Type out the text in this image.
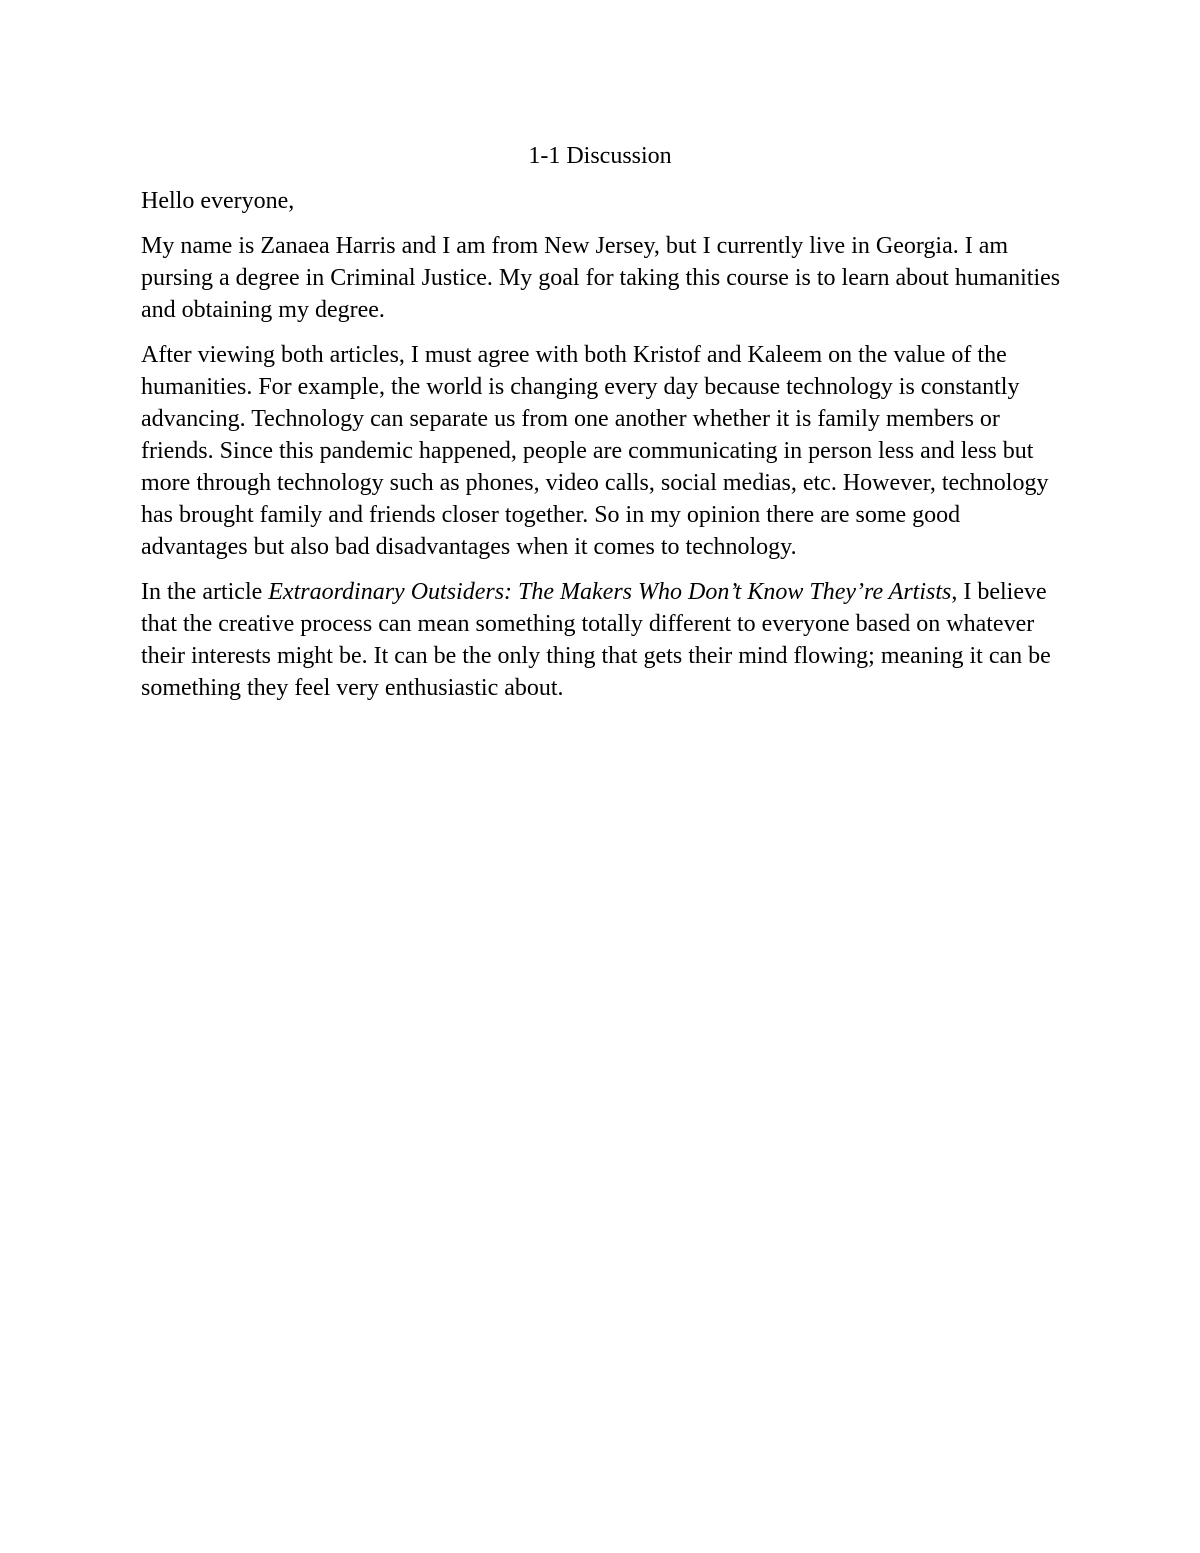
1-1 Discussion

Hello everyone,

My name is Zanaea Harris and I am from New Jersey, but I currently live in Georgia. I am pursing a degree in Criminal Justice. My goal for taking this course is to learn about humanities and obtaining my degree.

After viewing both articles, I must agree with both Kristof and Kaleem on the value of the humanities. For example, the world is changing every day because technology is constantly advancing. Technology can separate us from one another whether it is family members or friends. Since this pandemic happened, people are communicating in person less and less but more through technology such as phones, video calls, social medias, etc. However, technology has brought family and friends closer together. So in my opinion there are some good advantages but also bad disadvantages when it comes to technology.

In the article Extraordinary Outsiders: The Makers Who Don’t Know They’re Artists, I believe that the creative process can mean something totally different to everyone based on whatever their interests might be. It can be the only thing that gets their mind flowing; meaning it can be something they feel very enthusiastic about.
